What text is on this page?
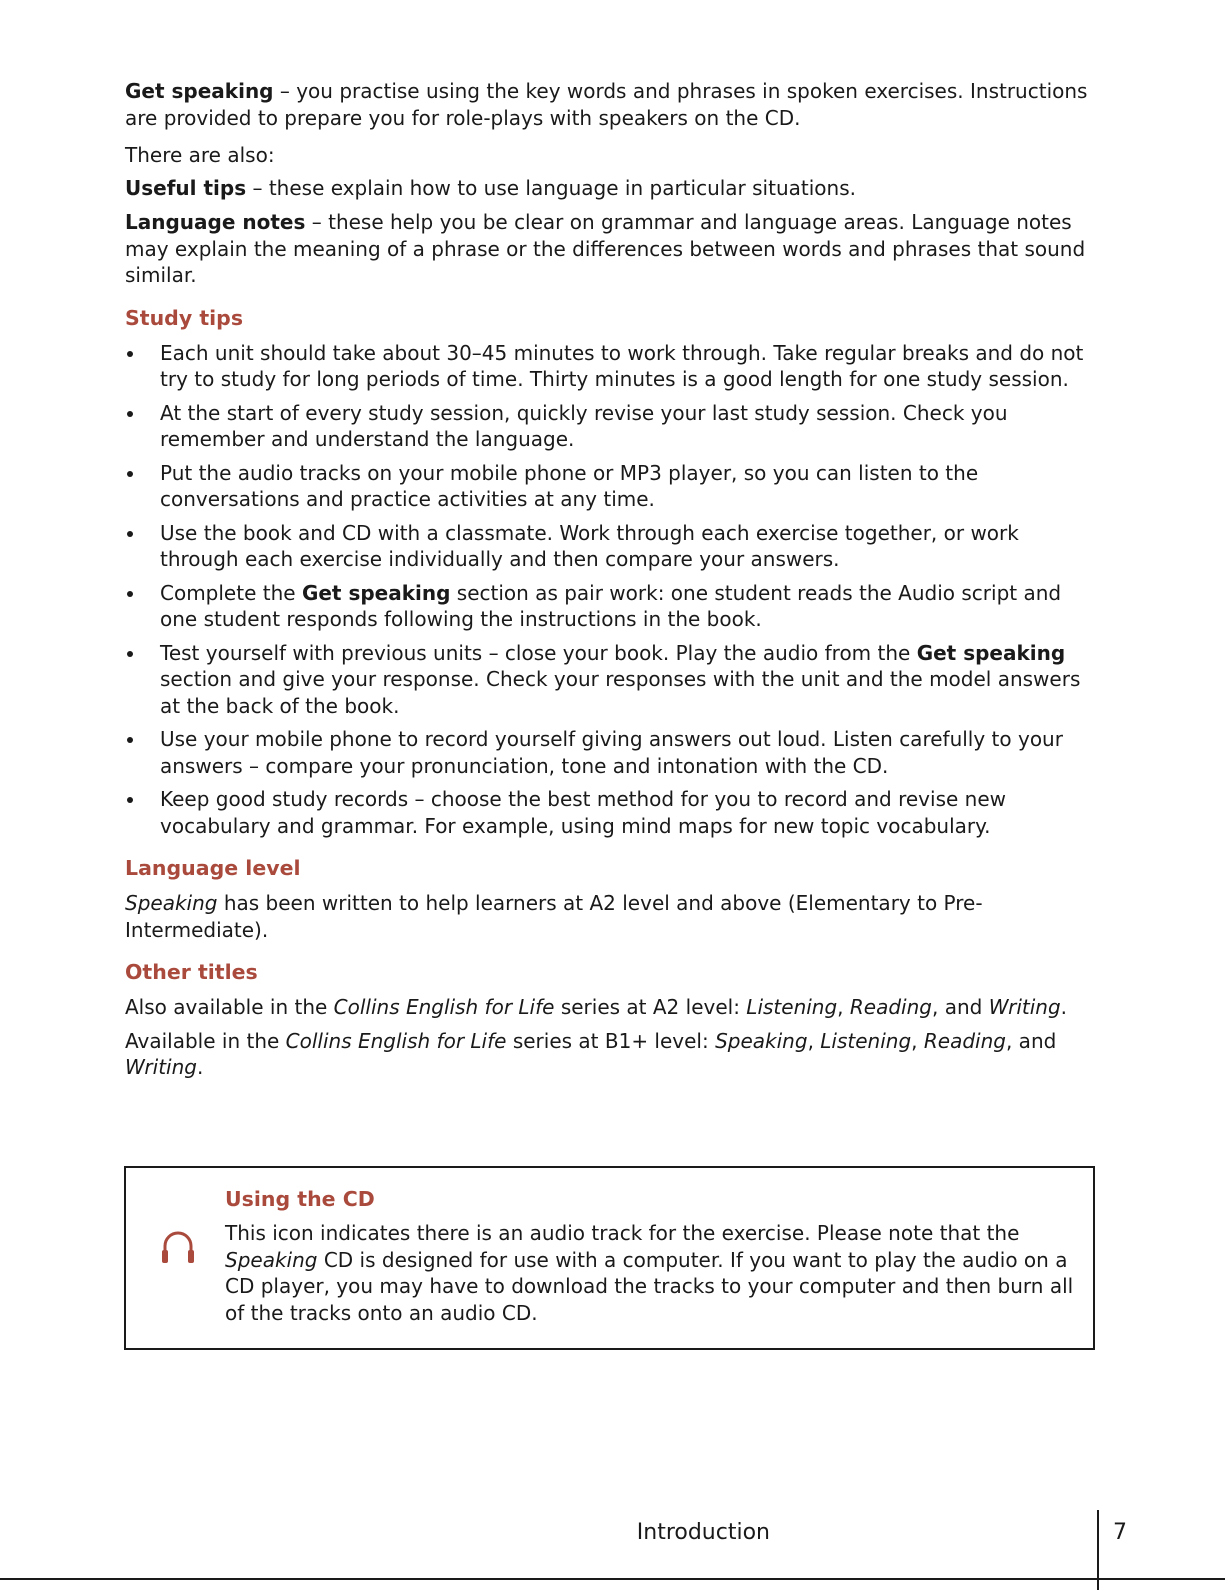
Get speaking – you practise using the key words and phrases in spoken exercises. Instructions are provided to prepare you for role-plays with speakers on the CD.

There are also:

Useful tips – these explain how to use language in particular situations.

Language notes – these help you be clear on grammar and language areas. Language notes may explain the meaning of a phrase or the differences between words and phrases that sound similar.

Study tips
Each unit should take about 30–45 minutes to work through. Take regular breaks and do not try to study for long periods of time. Thirty minutes is a good length for one study session.
At the start of every study session, quickly revise your last study session. Check you remember and understand the language.
Put the audio tracks on your mobile phone or MP3 player, so you can listen to the conversations and practice activities at any time.
Use the book and CD with a classmate. Work through each exercise together, or work through each exercise individually and then compare your answers.
Complete the Get speaking section as pair work: one student reads the Audio script and one student responds following the instructions in the book.
Test yourself with previous units – close your book. Play the audio from the Get speaking section and give your response. Check your responses with the unit and the model answers at the back of the book.
Use your mobile phone to record yourself giving answers out loud. Listen carefully to your answers – compare your pronunciation, tone and intonation with the CD.
Keep good study records – choose the best method for you to record and revise new vocabulary and grammar. For example, using mind maps for new topic vocabulary.
Language level

Speaking has been written to help learners at A2 level and above (Elementary to Pre-Intermediate).

Other titles

Also available in the Collins English for Life series at A2 level: Listening, Reading, and Writing.

Available in the Collins English for Life series at B1+ level: Speaking, Listening, Reading, and Writing.

Using the CD

This icon indicates there is an audio track for the exercise. Please note that the Speaking CD is designed for use with a computer. If you want to play the audio on a CD player, you may have to download the tracks to your computer and then burn all of the tracks onto an audio CD.

Introduction	7
